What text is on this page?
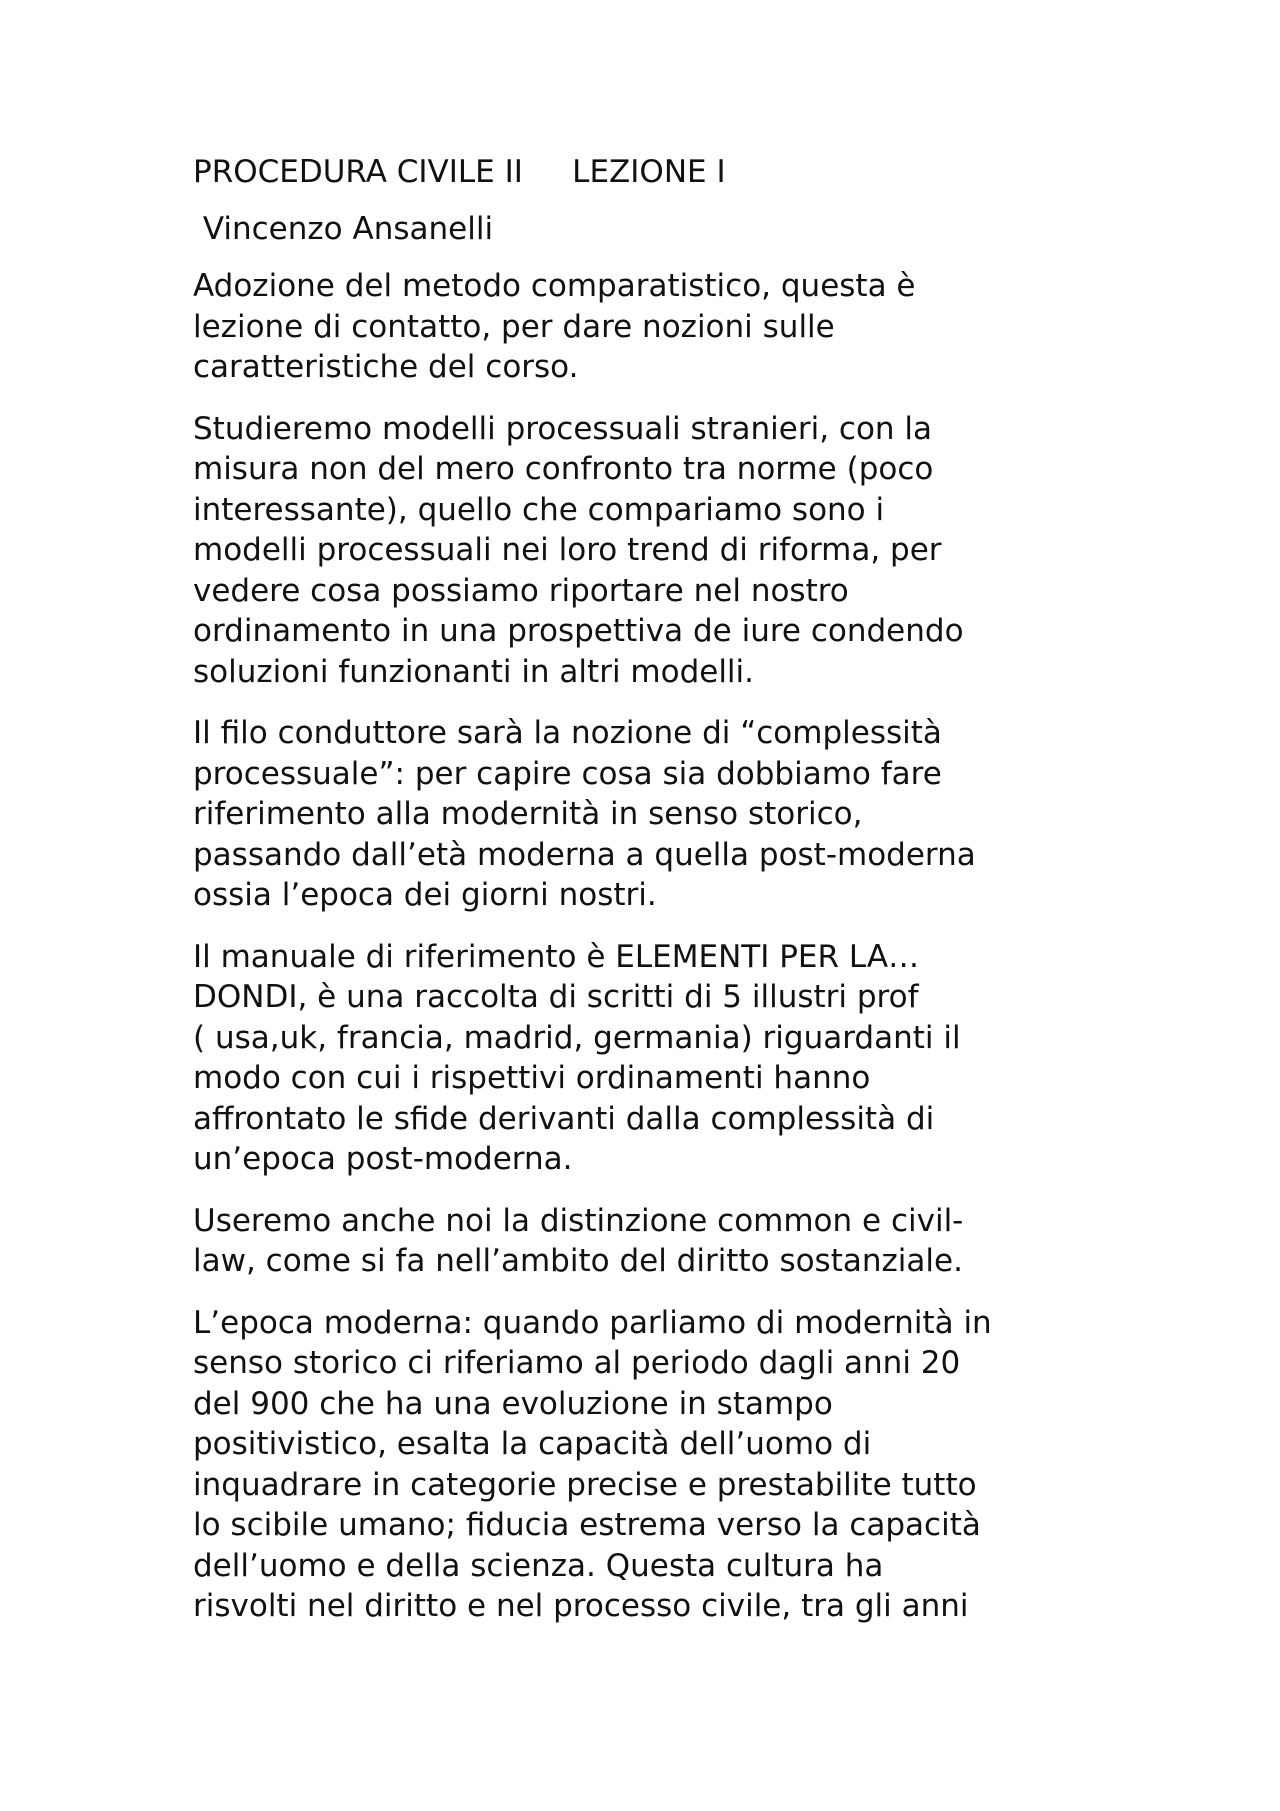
PROCEDURA CIVILE II     LEZIONE I
Vincenzo Ansanelli
Adozione del metodo comparatistico, questa è
lezione di contatto, per dare nozioni sulle
caratteristiche del corso.
Studieremo modelli processuali stranieri, con la
misura non del mero confronto tra norme (poco
interessante), quello che compariamo sono i
modelli processuali nei loro trend di riforma, per
vedere cosa possiamo riportare nel nostro
ordinamento in una prospettiva de iure condendo
soluzioni funzionanti in altri modelli.
Il filo conduttore sarà la nozione di “complessità
processuale”: per capire cosa sia dobbiamo fare
riferimento alla modernità in senso storico,
passando dall’età moderna a quella post-moderna
ossia l’epoca dei giorni nostri.
Il manuale di riferimento è ELEMENTI PER LA…
DONDI, è una raccolta di scritti di 5 illustri prof
( usa,uk, francia, madrid, germania) riguardanti il
modo con cui i rispettivi ordinamenti hanno
affrontato le sfide derivanti dalla complessità di
un’epoca post-moderna.
Useremo anche noi la distinzione common e civil-
law, come si fa nell’ambito del diritto sostanziale.
L’epoca moderna: quando parliamo di modernità in
senso storico ci riferiamo al periodo dagli anni 20
del 900 che ha una evoluzione in stampo
positivistico, esalta la capacità dell’uomo di
inquadrare in categorie precise e prestabilite tutto
lo scibile umano; fiducia estrema verso la capacità
dell’uomo e della scienza. Questa cultura ha
risvolti nel diritto e nel processo civile, tra gli anni
